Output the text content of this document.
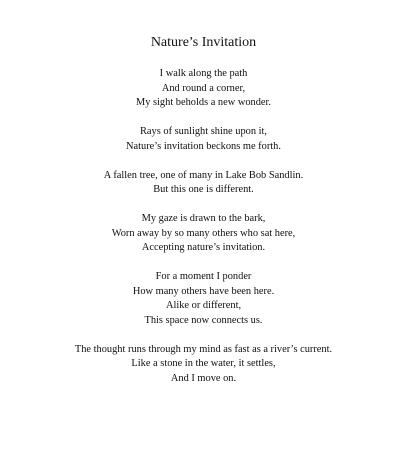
Nature’s Invitation
I walk along the path
And round a corner,
My sight beholds a new wonder.
Rays of sunlight shine upon it,
Nature’s invitation beckons me forth.
A fallen tree, one of many in Lake Bob Sandlin.
But this one is different.
My gaze is drawn to the bark,
Worn away by so many others who sat here,
Accepting nature’s invitation.
For a moment I ponder
How many others have been here.
Alike or different,
This space now connects us.
The thought runs through my mind as fast as a river’s current.
Like a stone in the water, it settles,
And I move on.
